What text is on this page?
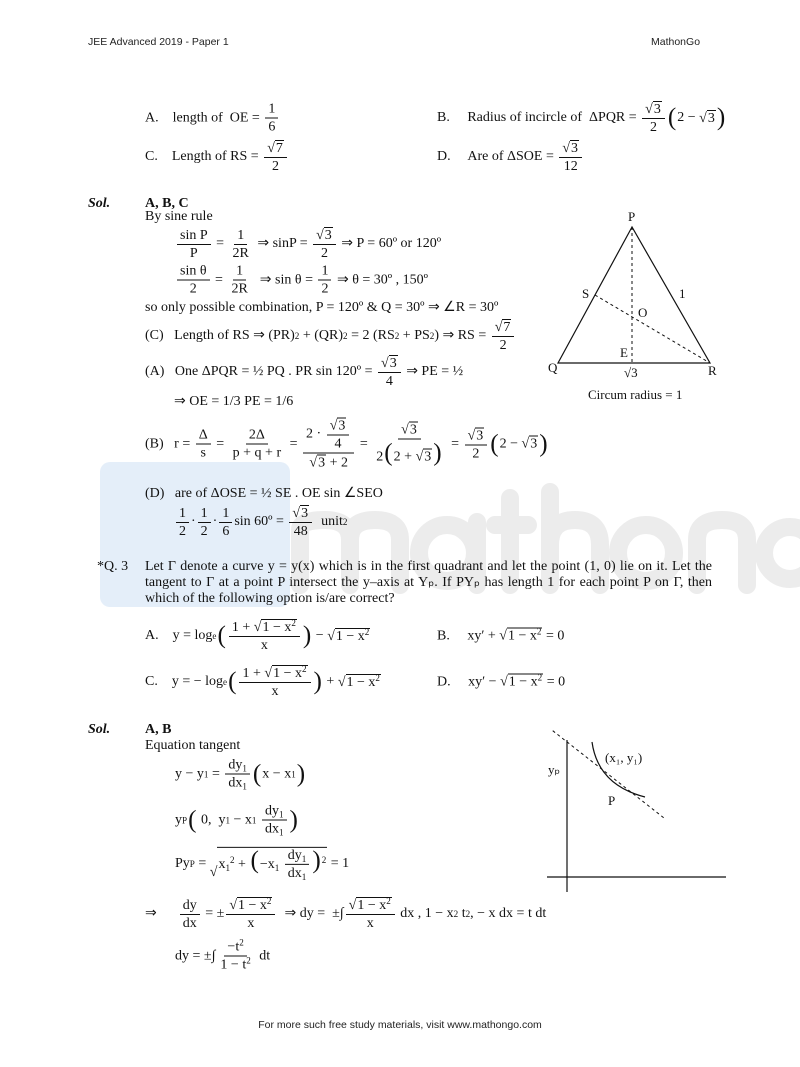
JEE Advanced 2019 - Paper 1	MathonGo
A.    length of  OE = $\frac{1}{6}$	B.     Radius of incircle of  $\Delta PQR = \frac{√ 3}{2}$ ( 2 − √ 3 )
C.    Length of RS = $\frac{√ 7}{2}$	D.     Are of $\Delta SOE = \frac{√ 3}{12}$
Sol. A, B, C
By sine rule
$\frac{\text{sin P}}{P} = \frac{1}{2R}$ ⇒ $\sin P = \frac{√ 3}{2}$ ⇒ P = 60º or 120º
$\frac{\text{sin θ}}{2} = \frac{1}{2R}$ ⇒ $\sin \theta = \frac{1}{2}$ ⇒ θ = 30º , 150º
so only possible combination, P = 120º & Q = 30º ⇒ ∠R = 30º
(C)   Length of RS ⇒ (PR) 2 + (QR) 2 = 2 (RS 2 + PS 2 ) ⇒ RS = $\frac{√ 7}{2}$
(A)   One ΔPQR = ½ PQ . PR sin 120º = $\frac{√ 3}{4}$ ⇒ PE = ½
⇒ OE = 1/3 PE = 1/6
(B)   $r = \frac{\Delta}{s} = \frac{2\Delta}{p + q + r} = \frac{2 \cdot \frac{√ 3}{4}}{√ 3 + 2} = \frac{√ 3}{2(2 + √ 3 )} = \frac{√ 3}{2}$ ( 2 − √ 3 )
(D)   are of ΔOSE = ½ SE . OE sin ∠SEO
$\frac{1}{2} \cdot \frac{1}{2} \cdot \frac{1}{6}$ sin 60º = $\frac{√ 3}{48}$ unit 2
P
Q	R
S
O
E
1
√3
Circum radius = 1
*Q. 3 Let Γ denote a curve y = y(x) which is in the first quadrant and let the point (1, 0) lie on it. Let the tangent to Γ at a point P intersect the y–axis at Yₚ. If PYₚ has length 1 for each point P on Γ, then which of the following option is/are correct?
A.    y = log e ( $\frac{1 + √ 1 - x^2}{x}$ ) − √ $1 - x^2$	B.     xy′ + √ $1 - x^2 = 0$
C.    y = − log e ( $\frac{1 + √ 1 - x^2}{x}$ ) + √ $1 - x^2$	D.     xy′ − √ $1 - x^2 = 0$
Sol. A, B
Equation tangent
y − y $1 = \frac{dy_1}{dx_1}$ ( x − x 1 )
y P ( 0,  y 1 − x 1
$\frac{dy_1}{dx_1}$ )
Py P =
√
$x_1^2 + (-x_1 \frac{dy_1}{dx_1} )^2 = 1$
⇒ $\frac{dy}{dx}$ = ± $\frac{√ 1 - x^2}{x}$ ⇒ dy =  ±∫ $\frac{√ 1 - x^2}{x}$ dx , 1 − x 2 t 2 , − x dx = t dt
dy = ±∫ $\frac{-t^2}{1 - t^2}$ dt
(x₁, y₁)
yₚ
P
For more such free study materials, visit www.mathongo.com
